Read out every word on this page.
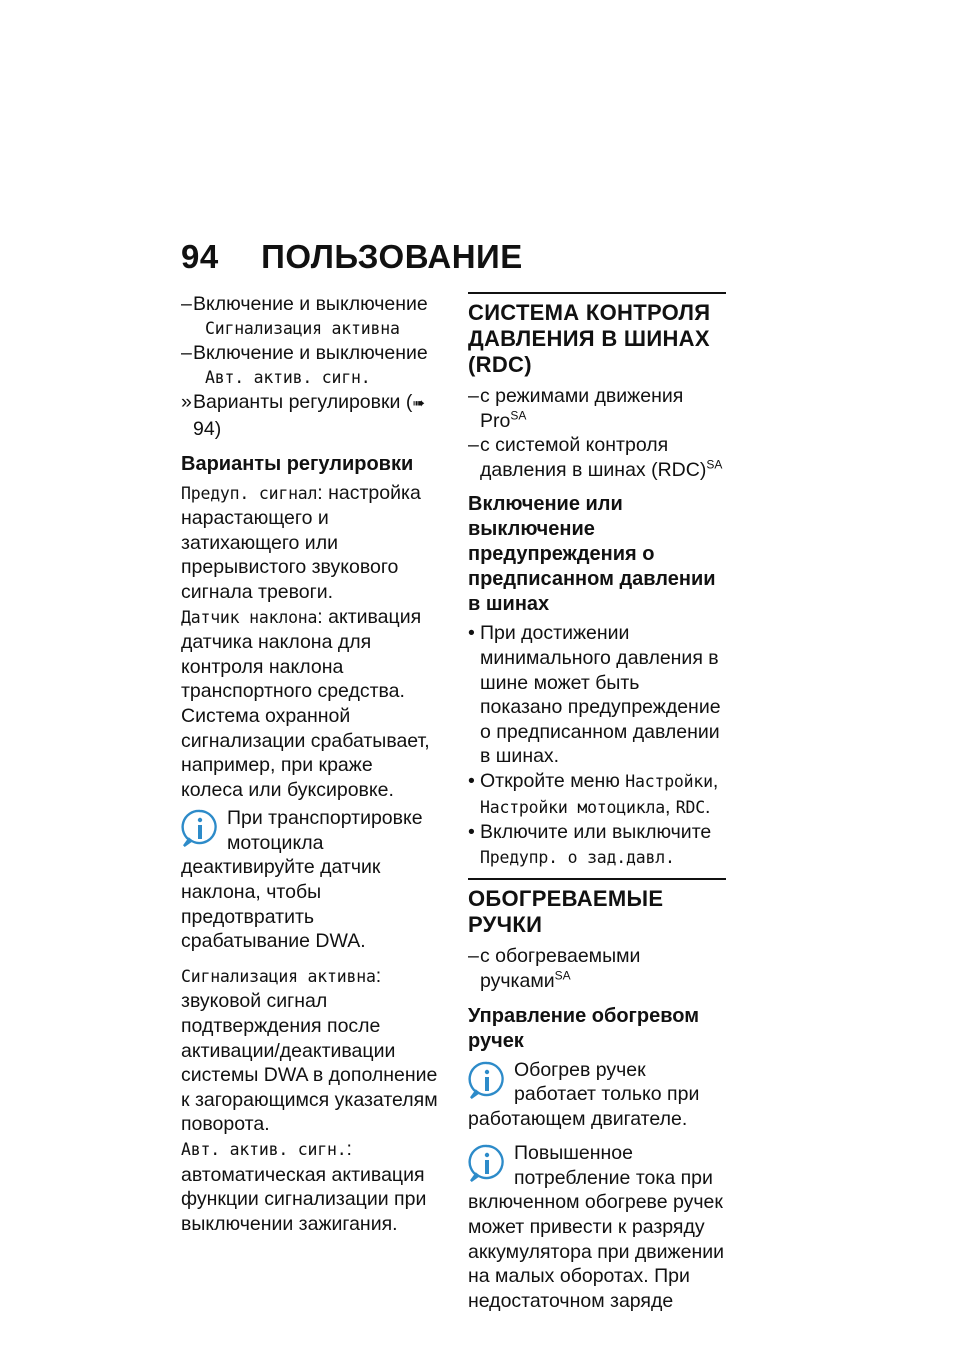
94 ПОЛЬЗОВАНИЕ
– Включение и выключение
Сигнализация активна
– Включение и выключение
Авт. актив. сигн.
» Варианты регулировки (➠ 94)
Варианты регулировки

Предуп. сигнал: настройка нарастающего и затихающего или прерывистого звукового сигнала тревоги.

Датчик наклона: активация датчика наклона для контроля наклона транспортного средства. Система охранной сигнализации срабатывает, например, при краже колеса или буксировке.

При транспортировке мотоцикла деактивируйте датчик наклона, чтобы предотвратить срабатывание DWA.

Сигнализация активна: звуковой сигнал подтверждения после активации/деактивации системы DWA в дополнение к загорающимся указателям поворота.

Авт. актив. сигн.: автоматическая активация функции сигнализации при выключении зажигания.

СИСТЕМА КОНТРОЛЯ ДАВЛЕНИЯ В ШИНАХ (RDC)
– с режимами движения Pro$^{SA}$
– с системой контроля давления в шинах (RDC)$^{SA}$
Включение или выключение предупреждения о предписанном давлении в шинах
• При достижении минимального давления в шине может быть показано предупреждение о предписанном давлении в шинах.
• Откройте меню Настройки, Настройки мотоцикла, RDC.
• Включите или выключите Предупр. о зад.давл.
ОБОГРЕВАЕМЫЕ РУЧКИ
– с обогреваемыми ручками$^{SA}$
Управление обогревом ручек
Обогрев ручек работает только при работающем двигателе.
Повышенное потребление тока при включенном обогреве ручек может привести к разряду аккумулятора при движении на малых оборотах. При недостаточном заряде
